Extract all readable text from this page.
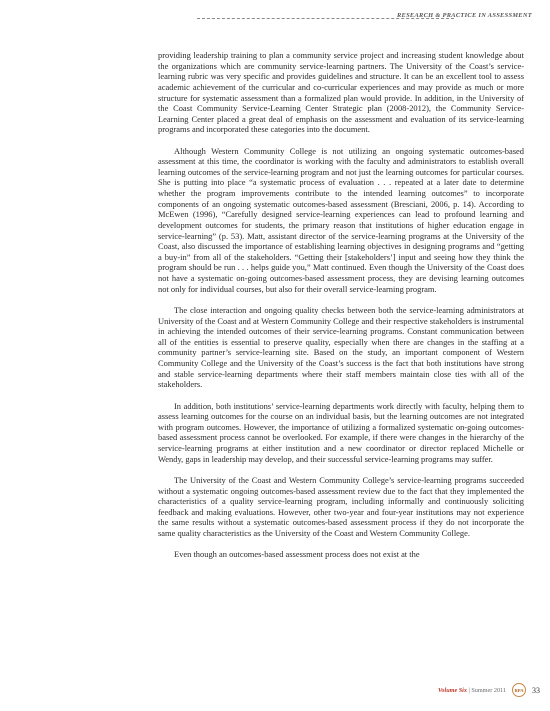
RESEARCH & PRACTICE IN ASSESSMENT

providing leadership training to plan a community service project and increasing student knowledge about the organizations which are community service-learning partners. The University of the Coast’s service-learning rubric was very specific and provides guidelines and structure. It can be an excellent tool to assess academic achievement of the curricular and co-curricular experiences and may provide as much or more structure for systematic assessment than a formalized plan would provide. In addition, in the University of the Coast Community Service-Learning Center Strategic plan (2008-2012), the Community Service-Learning Center placed a great deal of emphasis on the assessment and evaluation of its service-learning programs and incorporated these categories into the document.

Although Western Community College is not utilizing an ongoing systematic outcomes-based assessment at this time, the coordinator is working with the faculty and administrators to establish overall learning outcomes of the service-learning program and not just the learning outcomes for particular courses. She is putting into place “a systematic process of evaluation . . . repeated at a later date to determine whether the program improvements contribute to the intended learning outcomes” to incorporate components of an ongoing systematic outcomes-based assessment (Bresciani, 2006, p. 14). According to McEwen (1996), “Carefully designed service-learning experiences can lead to profound learning and development outcomes for students, the primary reason that institutions of higher education engage in service-learning” (p. 53). Matt, assistant director of the service-learning programs at the University of the Coast, also discussed the importance of establishing learning objectives in designing programs and “getting a buy-in” from all of the stakeholders. “Getting their [stakeholders’] input and seeing how they think the program should be run . . . helps guide you,” Matt continued. Even though the University of the Coast does not have a systematic on-going outcomes-based assessment process, they are devising learning outcomes not only for individual courses, but also for their overall service-learning program.

The close interaction and ongoing quality checks between both the service-learning administrators at University of the Coast and at Western Community College and their respective stakeholders is instrumental in achieving the intended outcomes of their service-learning programs. Constant communication between all of the entities is essential to preserve quality, especially when there are changes in the staffing at a community partner’s service-learning site. Based on the study, an important component of Western Community College and the University of the Coast’s success is the fact that both institutions have strong and stable service-learning departments where their staff members maintain close ties with all of the stakeholders.

In addition, both institutions’ service-learning departments work directly with faculty, helping them to assess learning outcomes for the course on an individual basis, but the learning outcomes are not integrated with program outcomes. However, the importance of utilizing a formalized systematic on-going outcomes-based assessment process cannot be overlooked. For example, if there were changes in the hierarchy of the service-learning programs at either institution and a new coordinator or director replaced Michelle or Wendy, gaps in leadership may develop, and their successful service-learning programs may suffer.

The University of the Coast and Western Community College’s service-learning programs succeeded without a systematic ongoing outcomes-based assessment review due to the fact that they implemented the characteristics of a quality service-learning program, including informally and continuously soliciting feedback and making evaluations. However, other two-year and four-year institutions may not experience the same results without a systematic outcomes-based assessment process if they do not incorporate the same quality characteristics as the University of the Coast and Western Community College.

Even though an outcomes-based assessment process does not exist at the

Volume Six | Summer 2011	RPA	33
